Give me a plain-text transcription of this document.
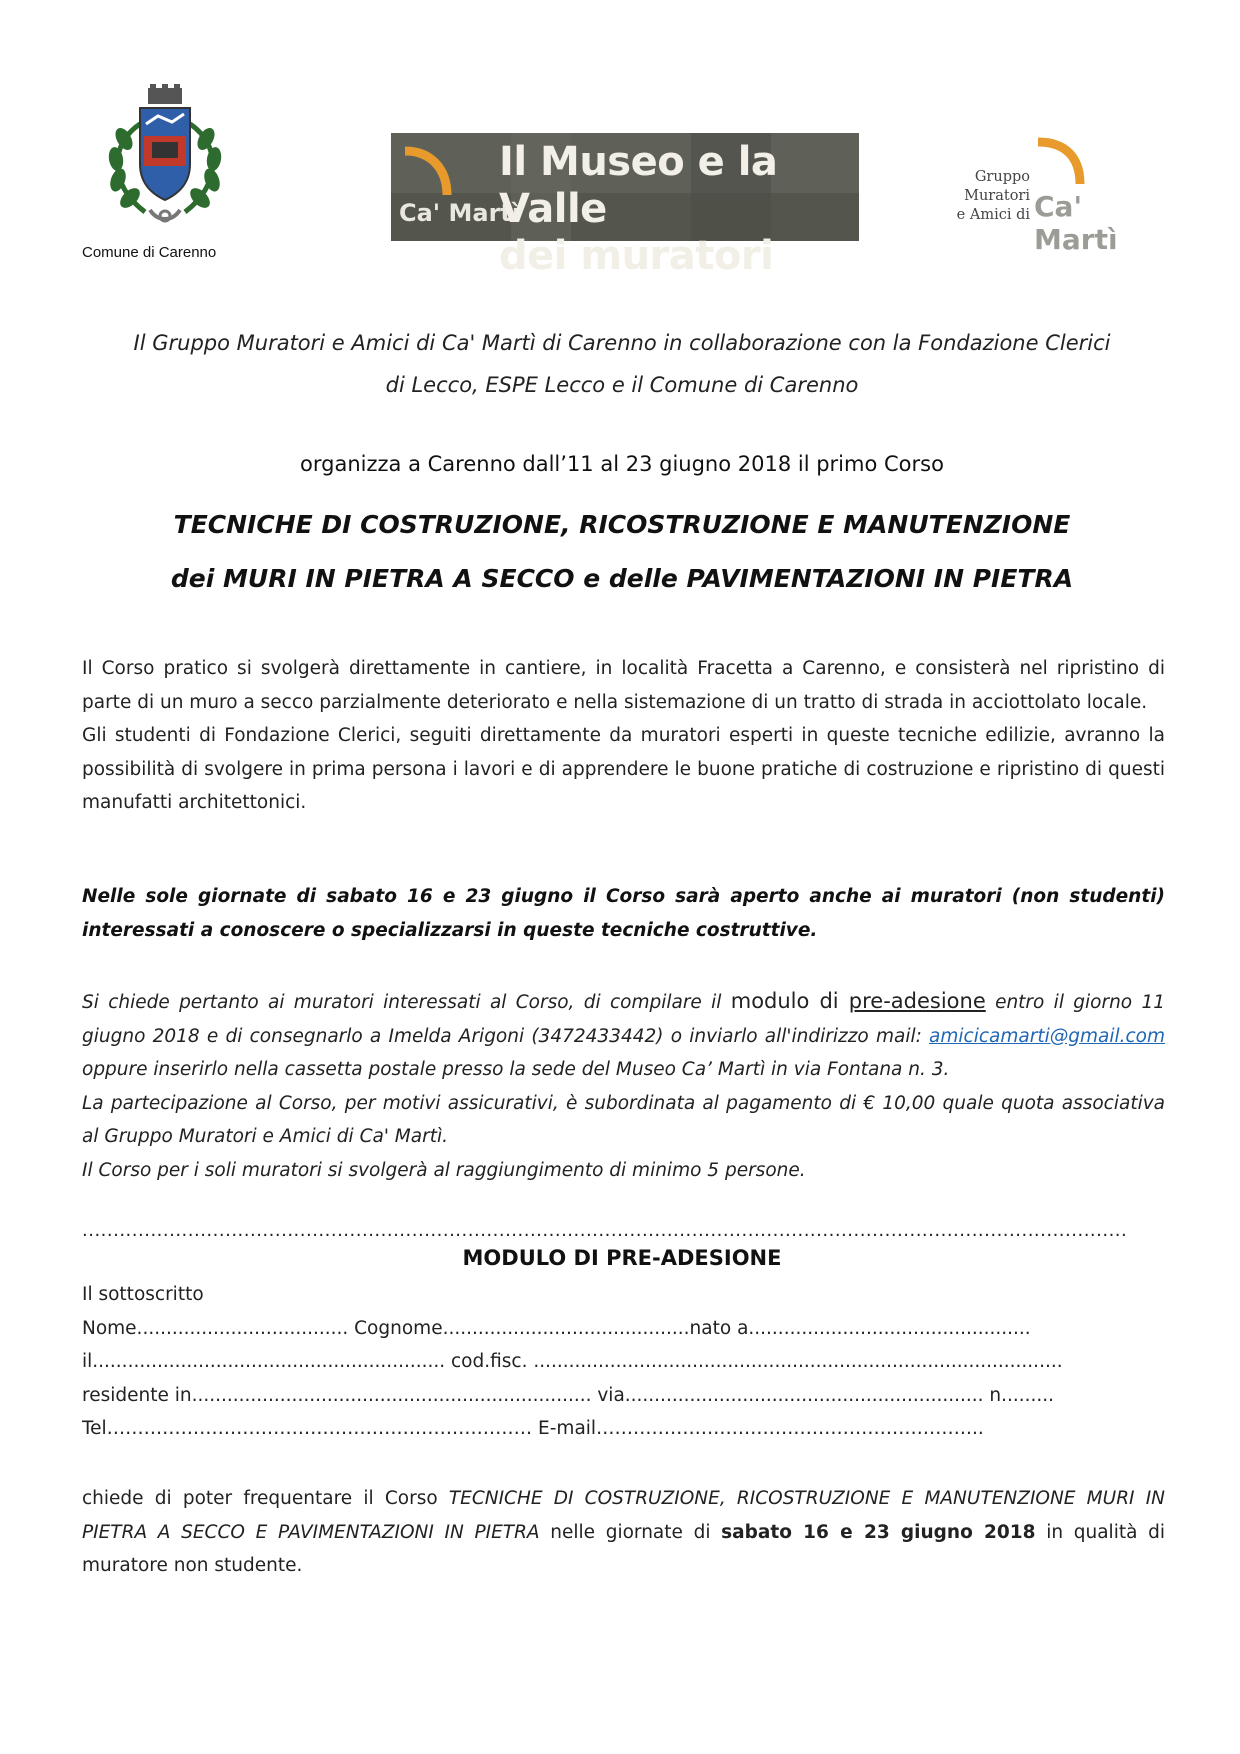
Comune di Carenno
Ca' Martì
Il Museo e la Valle
dei muratori
Ca' Martì
Gruppo
Muratori
e Amici di
Il Gruppo Muratori e Amici di Ca' Martì di Carenno in collaborazione con la Fondazione Clerici
di Lecco, ESPE Lecco e il Comune di Carenno
organizza a Carenno dall’11 al 23 giugno 2018 il primo Corso
TECNICHE DI COSTRUZIONE, RICOSTRUZIONE E MANUTENZIONE
dei MURI IN PIETRA A SECCO e delle PAVIMENTAZIONI IN PIETRA

Il Corso pratico si svolgerà direttamente in cantiere, in località Fracetta a Carenno, e consisterà nel ripristino di parte di un muro a secco parzialmente deteriorato e nella sistemazione di un tratto di strada in acciottolato locale.

Gli studenti di Fondazione Clerici, seguiti direttamente da muratori esperti in queste tecniche edilizie, avranno la possibilità di svolgere in prima persona i lavori e di apprendere le buone pratiche di costruzione e ripristino di questi manufatti architettonici.

Nelle sole giornate di sabato 16 e 23 giugno il Corso sarà aperto anche ai muratori (non studenti) interessati a conoscere o specializzarsi in queste tecniche costruttive.

Si chiede pertanto ai muratori interessati al Corso, di compilare il modulo di pre-adesione entro il giorno 11 giugno 2018 e di consegnarlo a Imelda Arigoni (3472433442) o inviarlo all'indirizzo mail: amicicamarti@gmail.com oppure inserirlo nella cassetta postale presso la sede del Museo Ca’ Martì in via Fontana n. 3.

La partecipazione al Corso, per motivi assicurativi, è subordinata al pagamento di € 10,00 quale quota associativa al Gruppo Muratori e Amici di Ca' Martì.

Il Corso per i soli muratori si svolgerà al raggiungimento di minimo 5 persone.

........................................................................................................................................................................
MODULO DI PRE-ADESIONE
Il sottoscritto
Nome.................................... Cognome..........................................nato a................................................
il............................................................ cod.fisc. ..........................................................................................
residente in.................................................................... via............................................................. n.........
Tel…………………………………………………………… E-mail……………………………………………………...
chiede di poter frequentare il Corso TECNICHE DI COSTRUZIONE, RICOSTRUZIONE E MANUTENZIONE MURI IN PIETRA A SECCO E PAVIMENTAZIONI IN PIETRA nelle giornate di sabato 16 e 23 giugno 2018 in qualità di muratore non studente.
